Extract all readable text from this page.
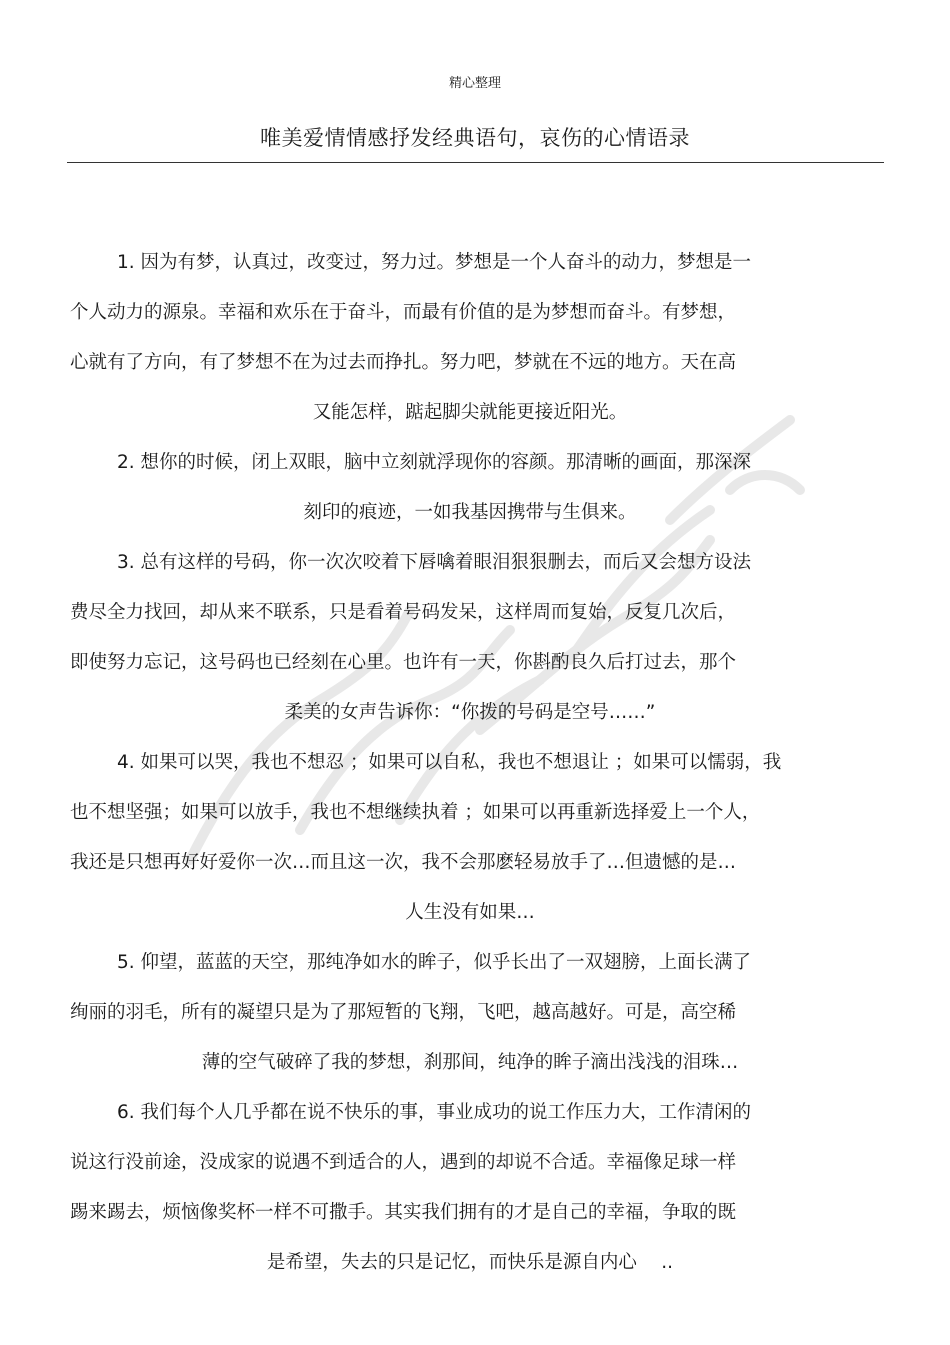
精心整理
唯美爱情情感抒发经典语句，哀伤的心情语录
1. 因为有梦，认真过，改变过，努力过。梦想是一个人奋斗的动力，梦想是一
个人动力的源泉。幸福和欢乐在于奋斗，而最有价值的是为梦想而奋斗。有梦想，
心就有了方向，有了梦想不在为过去而挣扎。努力吧，梦就在不远的地方。天在高
又能怎样，踮起脚尖就能更接近阳光。
2. 想你的时候，闭上双眼，脑中立刻就浮现你的容颜。那清晰的画面，那深深
刻印的痕迹，一如我基因携带与生俱来。
3. 总有这样的号码，你一次次咬着下唇噙着眼泪狠狠删去，而后又会想方设法
费尽全力找回，却从来不联系，只是看着号码发呆，这样周而复始，反复几次后，
即使努力忘记，这号码也已经刻在心里。也许有一天，你斟酌良久后打过去，那个
柔美的女声告诉你：“你拨的号码是空号……”
4. 如果可以哭，我也不想忍 ；如果可以自私，我也不想退让 ；如果可以懦弱，我
也不想坚强；如果可以放手，我也不想继续执着 ；如果可以再重新选择爱上一个人，
我还是只想再好好爱你一次…而且这一次，我不会那麽轻易放手了…但遗憾的是…
人生没有如果…
5. 仰望，蓝蓝的天空，那纯净如水的眸子，似乎长出了一双翅膀，上面长满了
绚丽的羽毛，所有的凝望只是为了那短暂的飞翔，飞吧，越高越好。可是，高空稀
薄的空气破碎了我的梦想，刹那间，纯净的眸子滴出浅浅的泪珠…
6. 我们每个人几乎都在说不快乐的事，事业成功的说工作压力大，工作清闲的
说这行没前途，没成家的说遇不到适合的人，遇到的却说不合适。幸福像足球一样
踢来踢去，烦恼像奖杯一样不可撒手。其实我们拥有的才是自己的幸福，争取的既
是希望，失去的只是记忆，而快乐是源自内心　 ..
